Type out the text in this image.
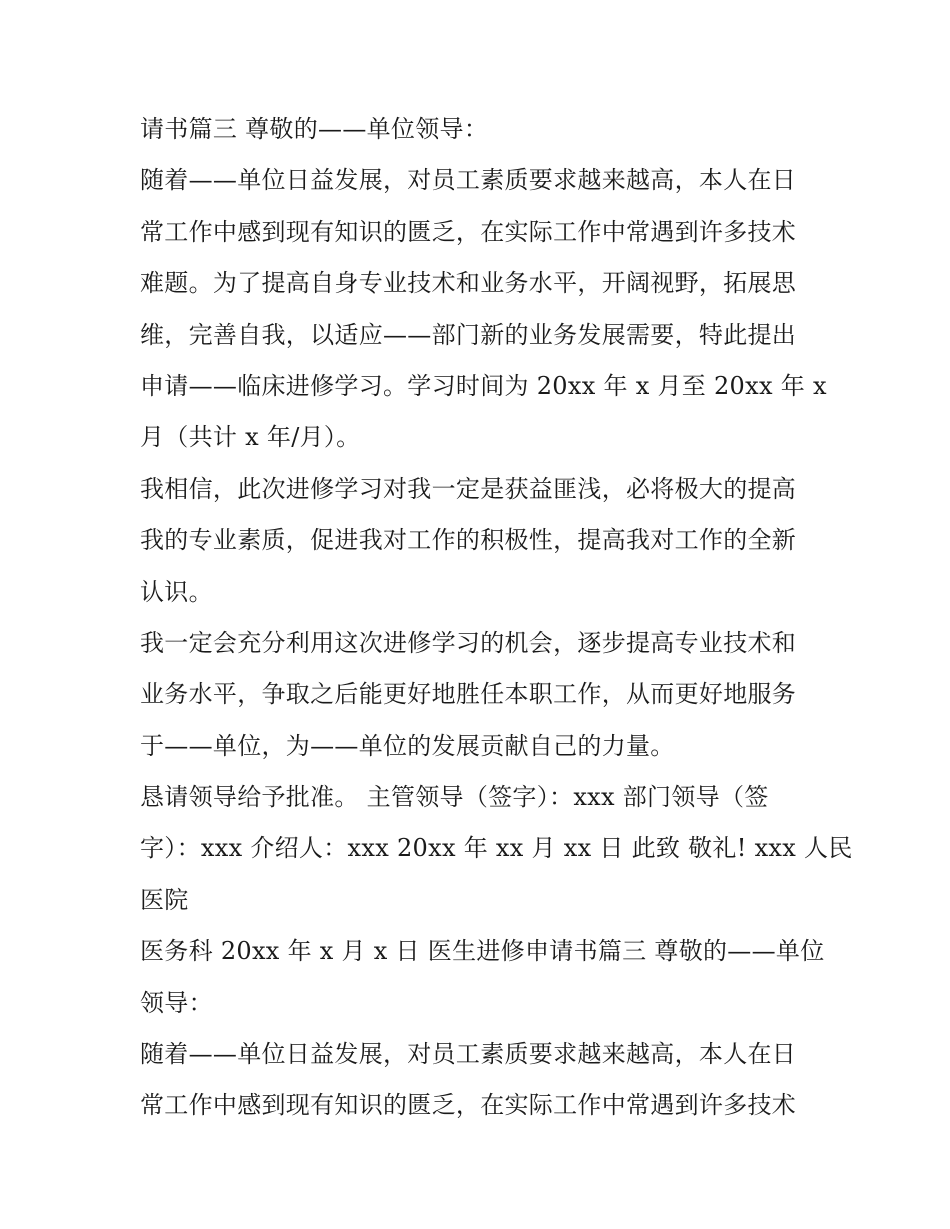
请书篇三 尊敬的——单位领导：
随着——单位日益发展，对员工素质要求越来越高，本人在日
常工作中感到现有知识的匮乏，在实际工作中常遇到许多技术
难题。为了提高自身专业技术和业务水平，开阔视野，拓展思
维，完善自我，以适应——部门新的业务发展需要，特此提出
申请——临床进修学习。学习时间为 20xx 年 x 月至 20xx 年 x
月（共计 x 年/月）。
我相信，此次进修学习对我一定是获益匪浅，必将极大的提高
我的专业素质，促进我对工作的积极性，提高我对工作的全新
认识。
我一定会充分利用这次进修学习的机会，逐步提高专业技术和
业务水平，争取之后能更好地胜任本职工作，从而更好地服务
于——单位，为——单位的发展贡献自己的力量。
恳请领导给予批准。 主管领导（签字）：xxx 部门领导（签
字）：xxx 介绍人：xxx 20xx 年 xx 月 xx 日 此致 敬礼! xxx 人民
医院
医务科 20xx 年 x 月 x 日 医生进修申请书篇三 尊敬的——单位
领导：
随着——单位日益发展，对员工素质要求越来越高，本人在日
常工作中感到现有知识的匮乏，在实际工作中常遇到许多技术
